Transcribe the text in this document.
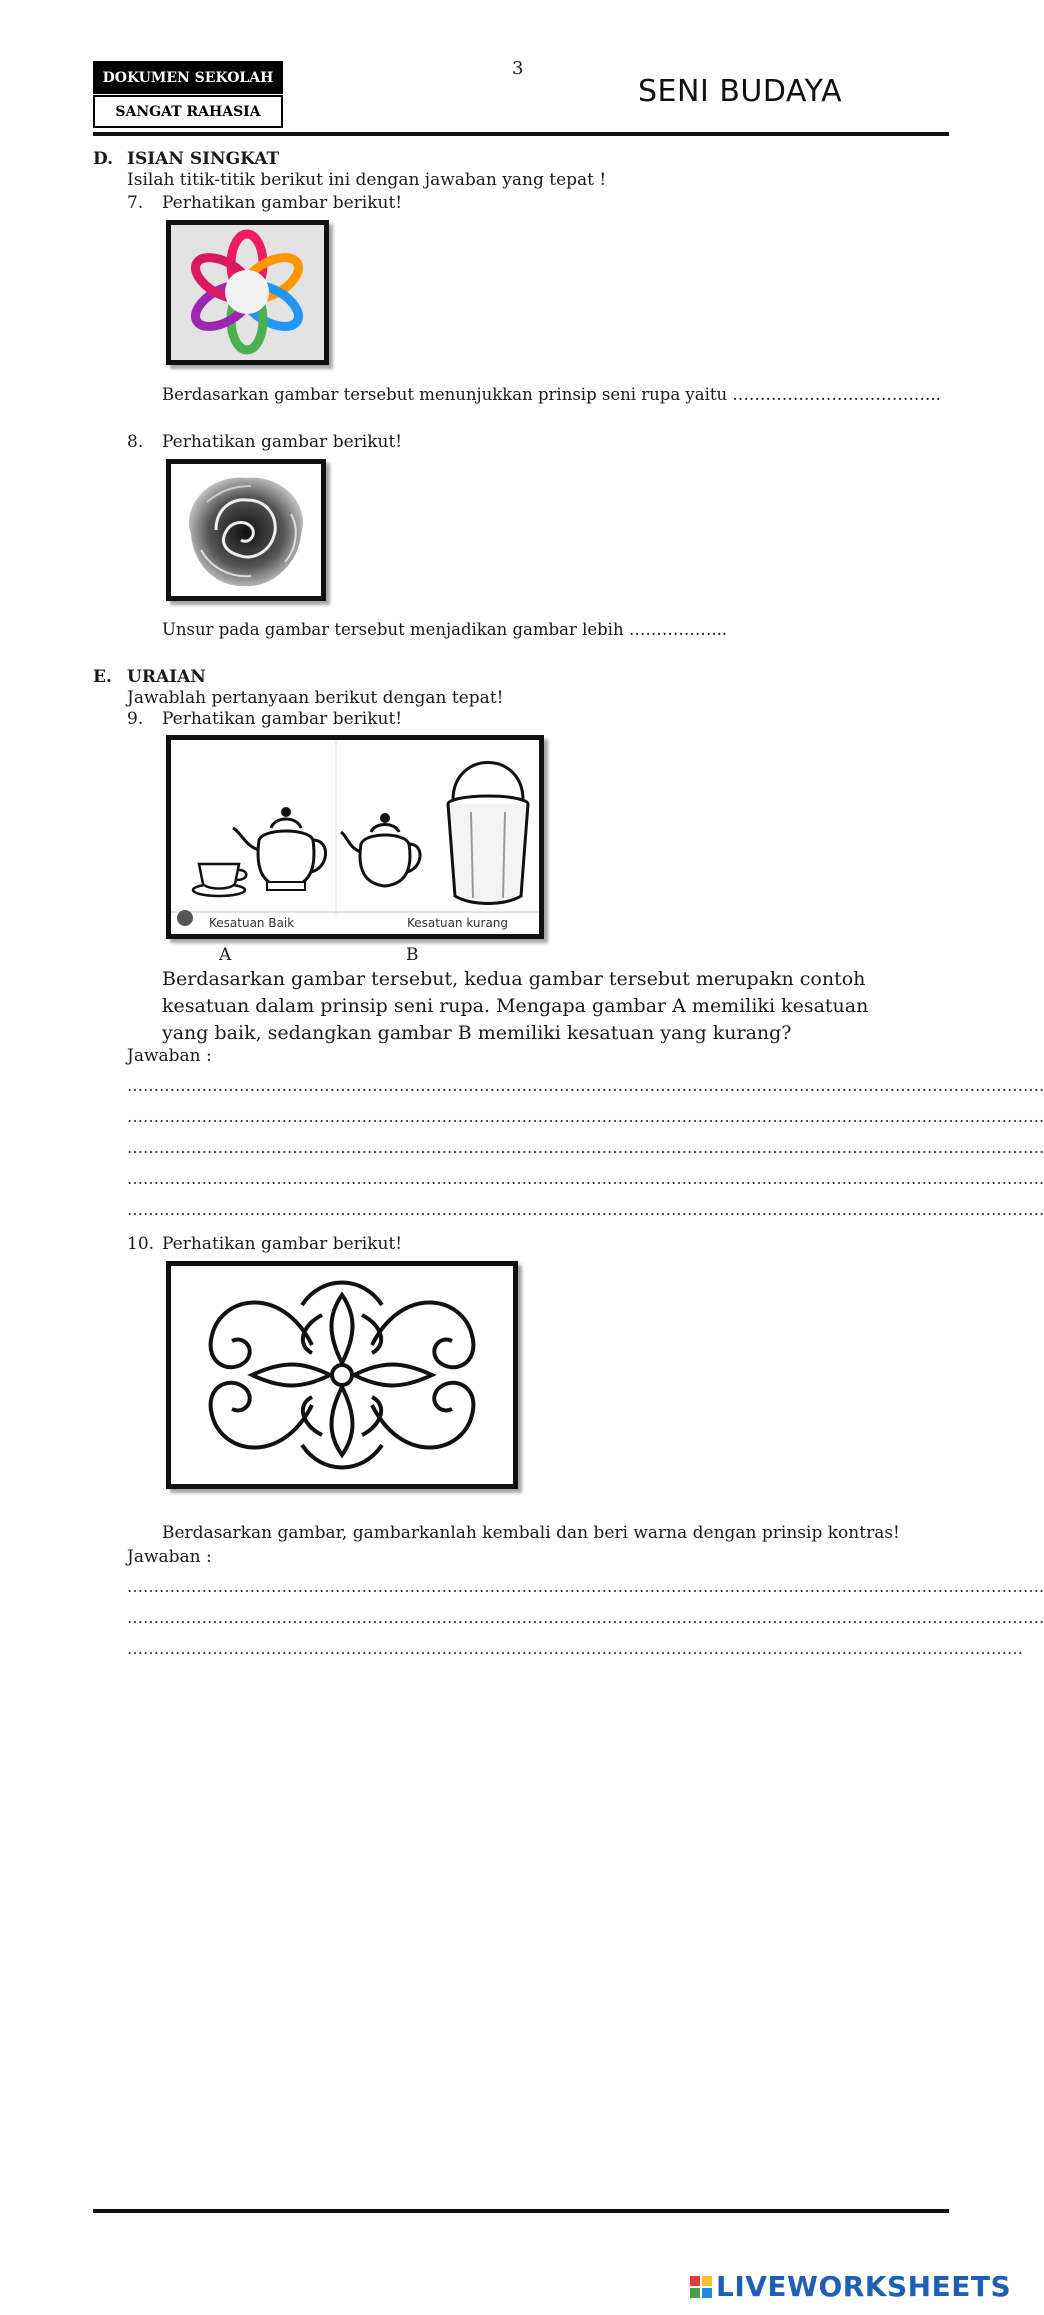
DOKUMEN SEKOLAH
SANGAT RAHASIA
3
SENI BUDAYA
D. ISIAN SINGKAT
Isilah titik-titik berikut ini dengan jawaban yang tepat !
7. Perhatikan gambar berikut!
Berdasarkan gambar tersebut menunjukkan prinsip seni rupa yaitu ………………………………..
8. Perhatikan gambar berikut!
Unsur pada gambar tersebut menjadikan gambar lebih ……………...
E. URAIAN
Jawablah pertanyaan berikut dengan tepat!
9. Perhatikan gambar berikut!
Kesatuan Baik	Kesatuan kurang
A	B
Berdasarkan gambar tersebut, kedua gambar tersebut merupakn contoh kesatuan dalam prinsip seni rupa. Mengapa gambar A memiliki kesatuan yang baik, sedangkan gambar B memiliki kesatuan yang kurang?
Jawaban :
……………………………………………………………………………………………………………………………………………………….
……………………………………………………………………………………………………………………………………………………….
……………………………………………………………………………………………………………………………………………………….
……………………………………………………………………………………………………………………………………………………….
……………………………………………………………………………………………………………………………………………………….
10. Perhatikan gambar berikut!
Berdasarkan gambar, gambarkanlah kembali dan beri warna dengan prinsip kontras!
Jawaban :
……………………………………………………………………………………………………………………………………………………….
……………………………………………………………………………………………………………………………………………………….
……………………………………………………………………………………………………………………………………………………
LIVEWORKSHEETS
